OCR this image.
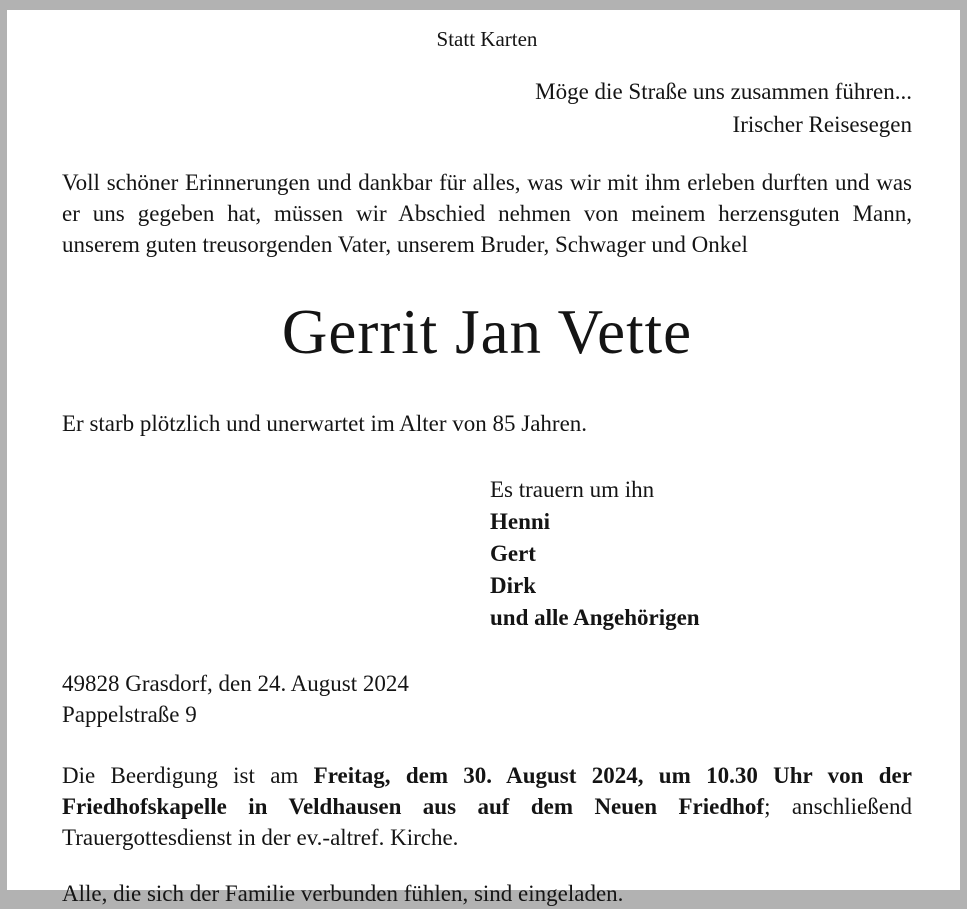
Statt Karten
Möge die Straße uns zusammen führen...
Irischer Reisesegen

Voll schöner Erinnerungen und dankbar für alles, was wir mit ihm erleben durften und was er uns gegeben hat, müssen wir Abschied nehmen von meinem herzensguten Mann, unserem guten treusorgenden Vater, unserem Bruder, Schwager und Onkel

Gerrit Jan Vette
Er starb plötzlich und unerwartet im Alter von 85 Jahren.
Es trauern um ihn
Henni
Gert
Dirk
und alle Angehörigen
49828 Grasdorf, den 24. August 2024
Pappelstraße 9

Die Beerdigung ist am Freitag, dem 30. August 2024, um 10.30 Uhr von der Friedhofskapelle in Veldhausen aus auf dem Neuen Friedhof; anschließend Trauergottesdienst in der ev.-altref. Kirche.

Alle, die sich der Familie verbunden fühlen, sind eingeladen.
